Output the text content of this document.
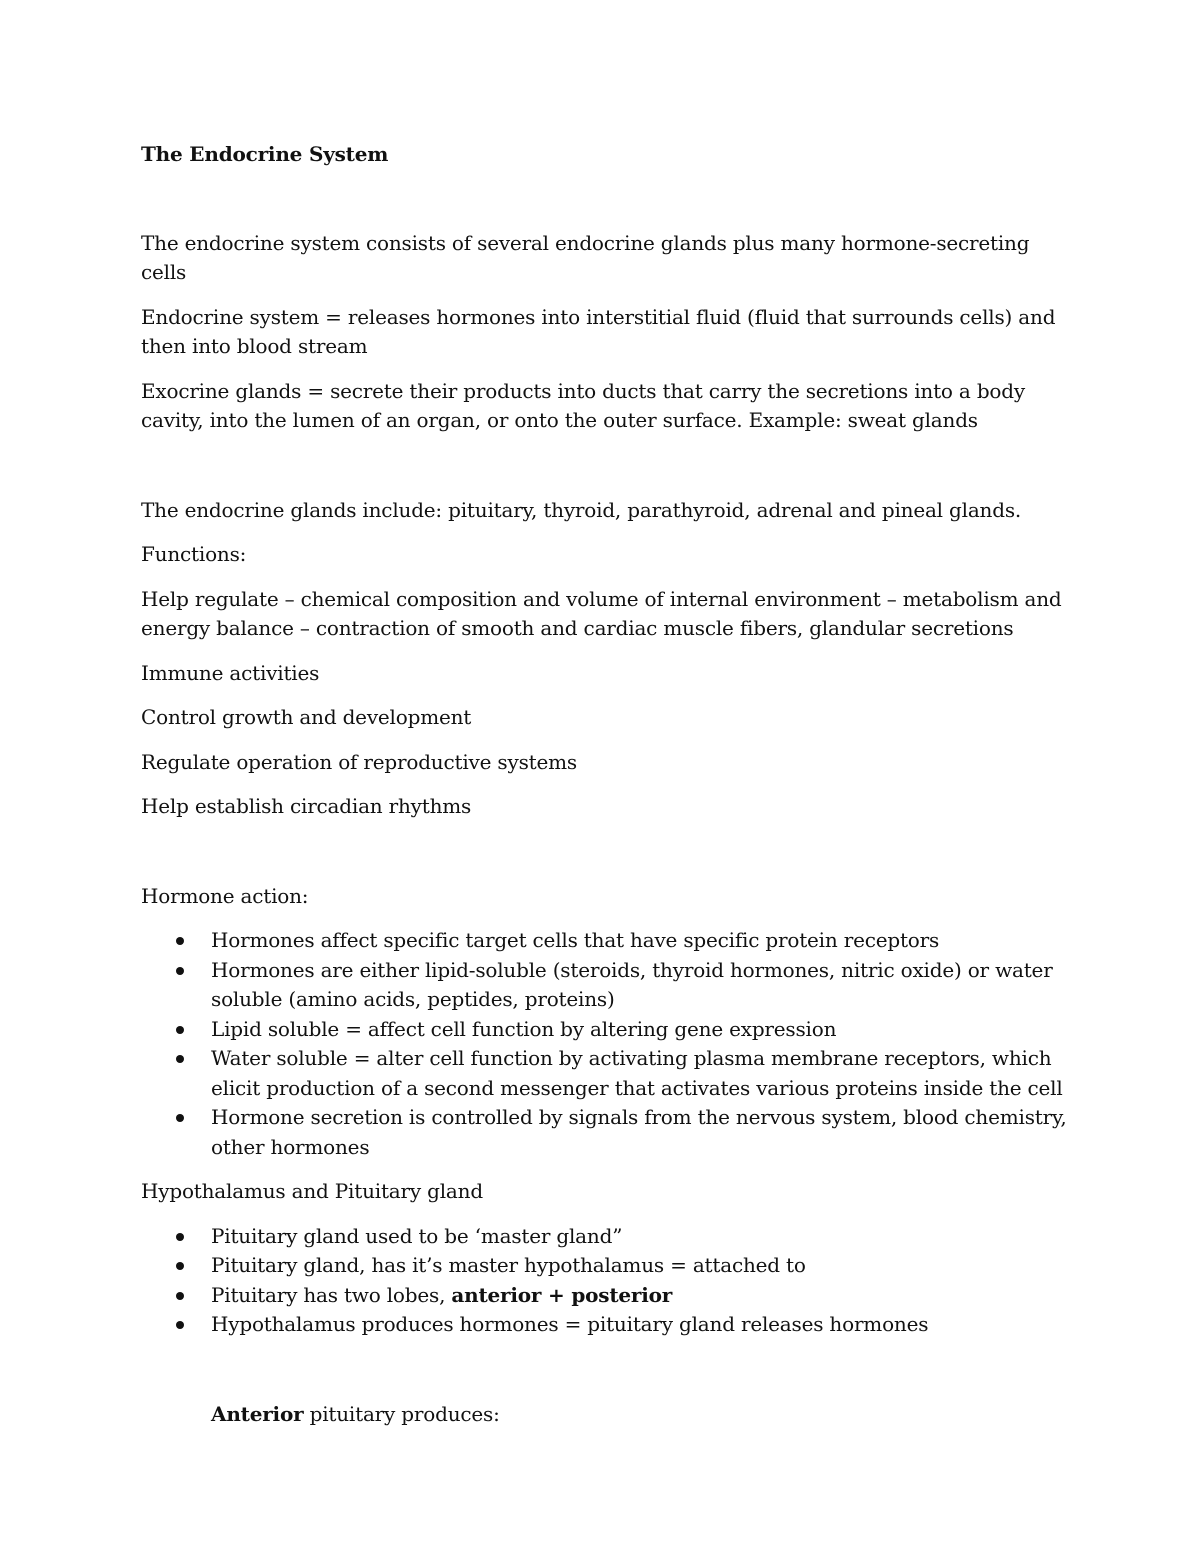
The Endocrine System

The endocrine system consists of several endocrine glands plus many hormone-secreting cells

Endocrine system = releases hormones into interstitial fluid (fluid that surrounds cells) and then into blood stream

Exocrine glands = secrete their products into ducts that carry the secretions into a body cavity, into the lumen of an organ, or onto the outer surface. Example: sweat glands

The endocrine glands include: pituitary, thyroid, parathyroid, adrenal and pineal glands.

Functions:

Help regulate – chemical composition and volume of internal environment – metabolism and energy balance – contraction of smooth and cardiac muscle fibers, glandular secretions

Immune activities

Control growth and development

Regulate operation of reproductive systems

Help establish circadian rhythms

Hormone action:

Hormones affect specific target cells that have specific protein receptors
Hormones are either lipid-soluble (steroids, thyroid hormones, nitric oxide) or water soluble (amino acids, peptides, proteins)
Lipid soluble = affect cell function by altering gene expression
Water soluble = alter cell function by activating plasma membrane receptors, which elicit production of a second messenger that activates various proteins inside the cell
Hormone secretion is controlled by signals from the nervous system, blood chemistry, other hormones

Hypothalamus and Pituitary gland

Pituitary gland used to be ‘master gland”
Pituitary gland, has it’s master hypothalamus = attached to
Pituitary has two lobes, anterior + posterior
Hypothalamus produces hormones = pituitary gland releases hormones

Anterior pituitary produces:
